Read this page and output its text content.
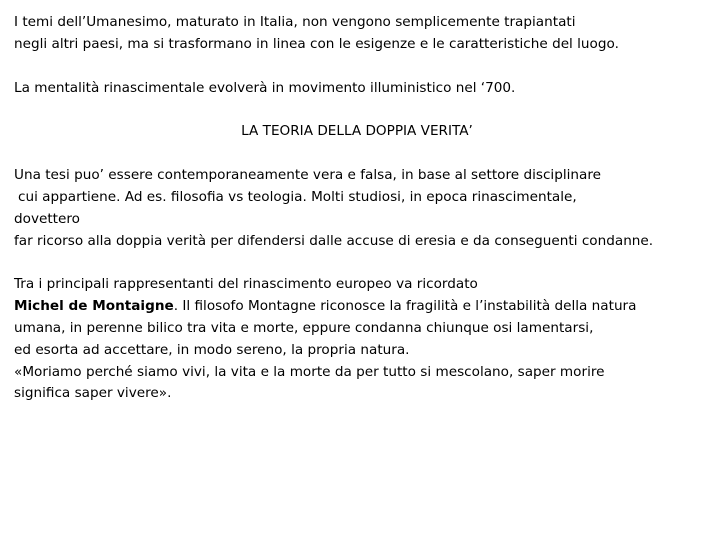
I temi dell’Umanesimo, maturato in Italia, non vengono semplicemente trapiantati
negli altri paesi, ma si trasformano in linea con le esigenze e le caratteristiche del luogo.
La mentalità rinascimentale evolverà in movimento illuministico nel ‘700.
LA TEORIA DELLA DOPPIA VERITA’
Una tesi puo’ essere contemporaneamente vera e falsa, in base al settore disciplinare
cui appartiene. Ad es. filosofia vs teologia. Molti studiosi, in epoca rinascimentale,
dovettero
far ricorso alla doppia verità per difendersi dalle accuse di eresia e da conseguenti condanne.
Tra i principali rappresentanti del rinascimento europeo va ricordato
Michel de Montaigne. Il filosofo Montagne riconosce la fragilità e l’instabilità della natura
umana, in perenne bilico tra vita e morte, eppure condanna chiunque osi lamentarsi,
ed esorta ad accettare, in modo sereno, la propria natura.
«Moriamo perché siamo vivi, la vita e la morte da per tutto si mescolano, saper morire
significa saper vivere».
